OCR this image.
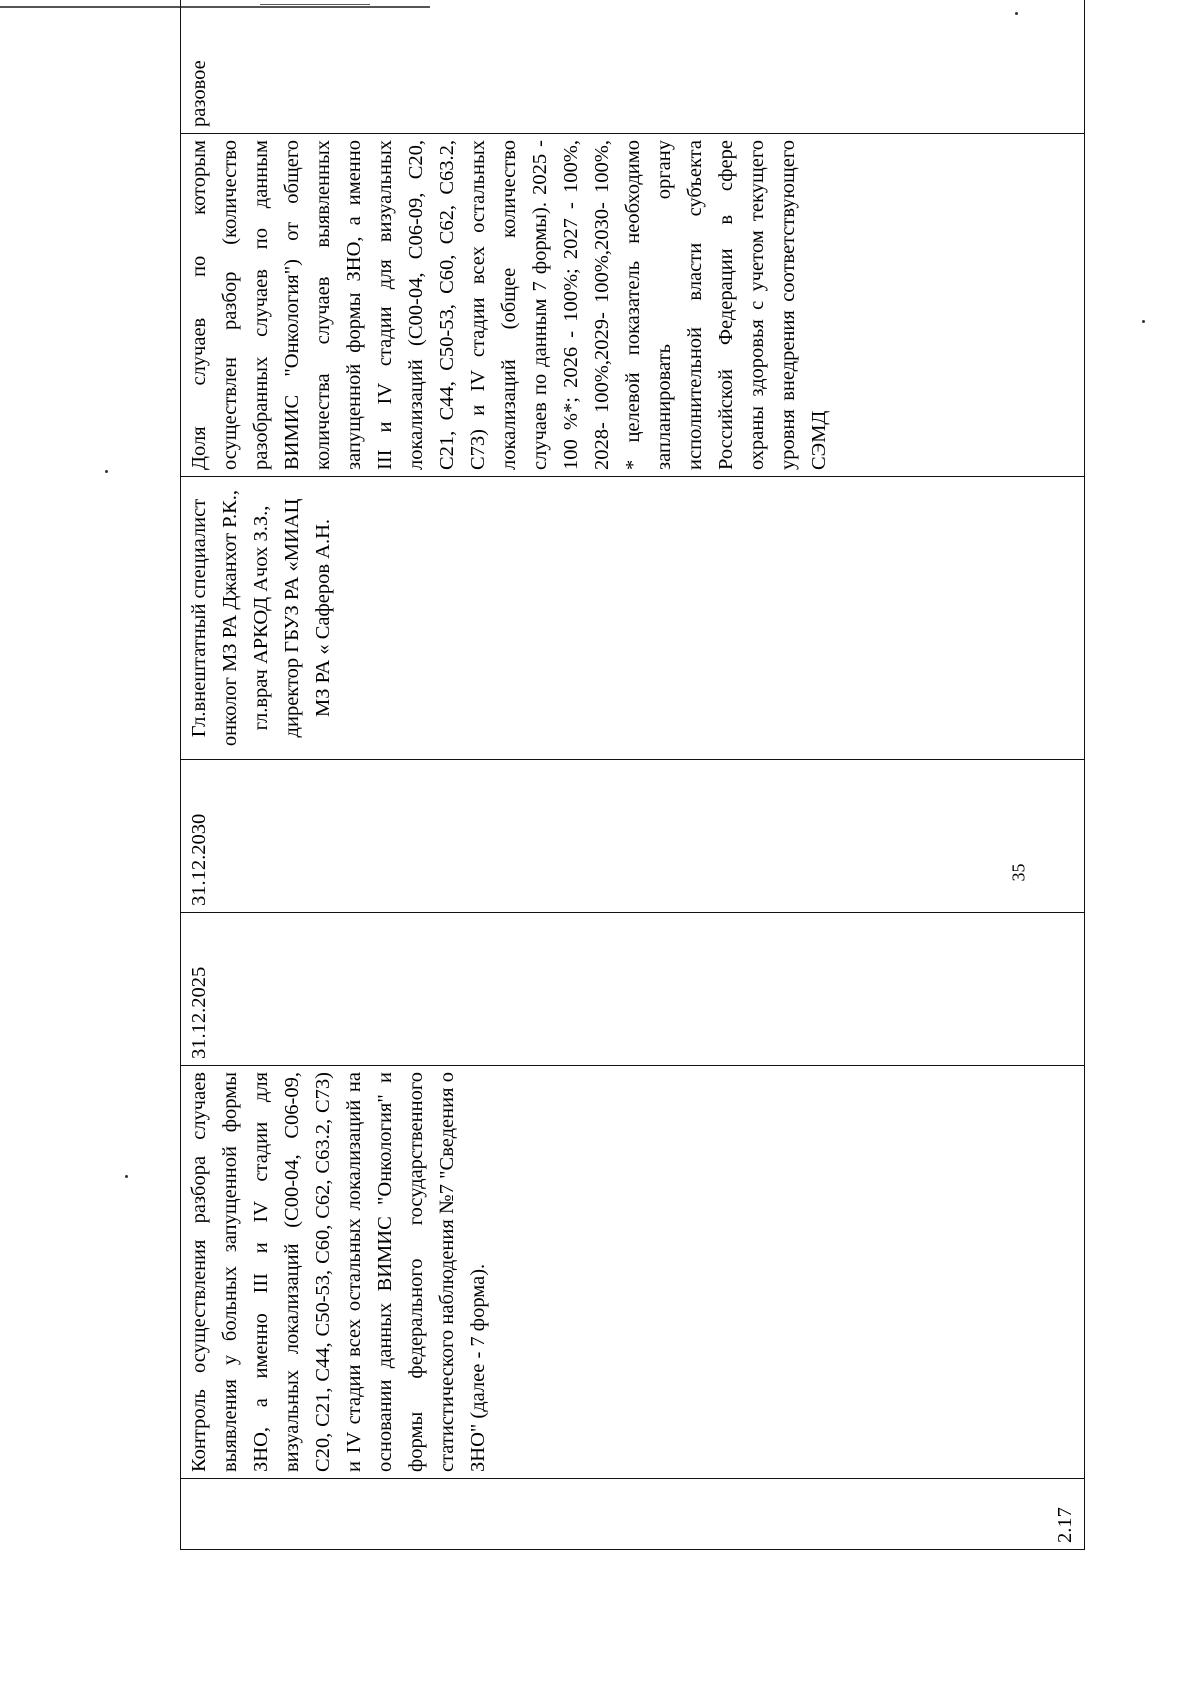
2.17	Контроль осуществления разбора случаев выявления у больных запущенной формы ЗНО, а именно III и IV стадии для визуальных локализаций (С00-04, С06-09, С20, С21, С44, С50-53, С60, С62, С63.2, С73) и IV стадии всех остальных локализаций на основании данных ВИМИС "Онкология" и формы федерального государственного статистического наблюдения №7 "Сведения о ЗНО" (далее - 7 форма).	31.12.2025	31.12.2030	Гл.внештатный специалист онколог МЗ РА Джанхот Р.К., гл.врач АРКОД Ачох З.З., директор ГБУЗ РА «МИАЦ МЗ РА « Сафеpов А.Н.	Доля случаев по которым осуществлен разбор (количество разобранных случаев по данным ВИМИС "Онкология") от общего количества случаев выявленных запущенной формы ЗНО, а именно III и IV стадии для визуальных локализаций (С00-04, С06-09, С20, С21, С44, С50-53, С60, С62, С63.2, С73) и IV стадии всех остальных локализаций (общее количество случаев по данным 7 формы). 2025 - 100 %*; 2026 - 100%; 2027 - 100%, 2028- 100%,2029- 100%,2030- 100%, * целевой показатель необходимо запланировать органу исполнительной власти субъекта Российской Федерации в сфере охраны здоровья с учетом текущего уровня внедрения соответствующего СЭМД	разовое
35
